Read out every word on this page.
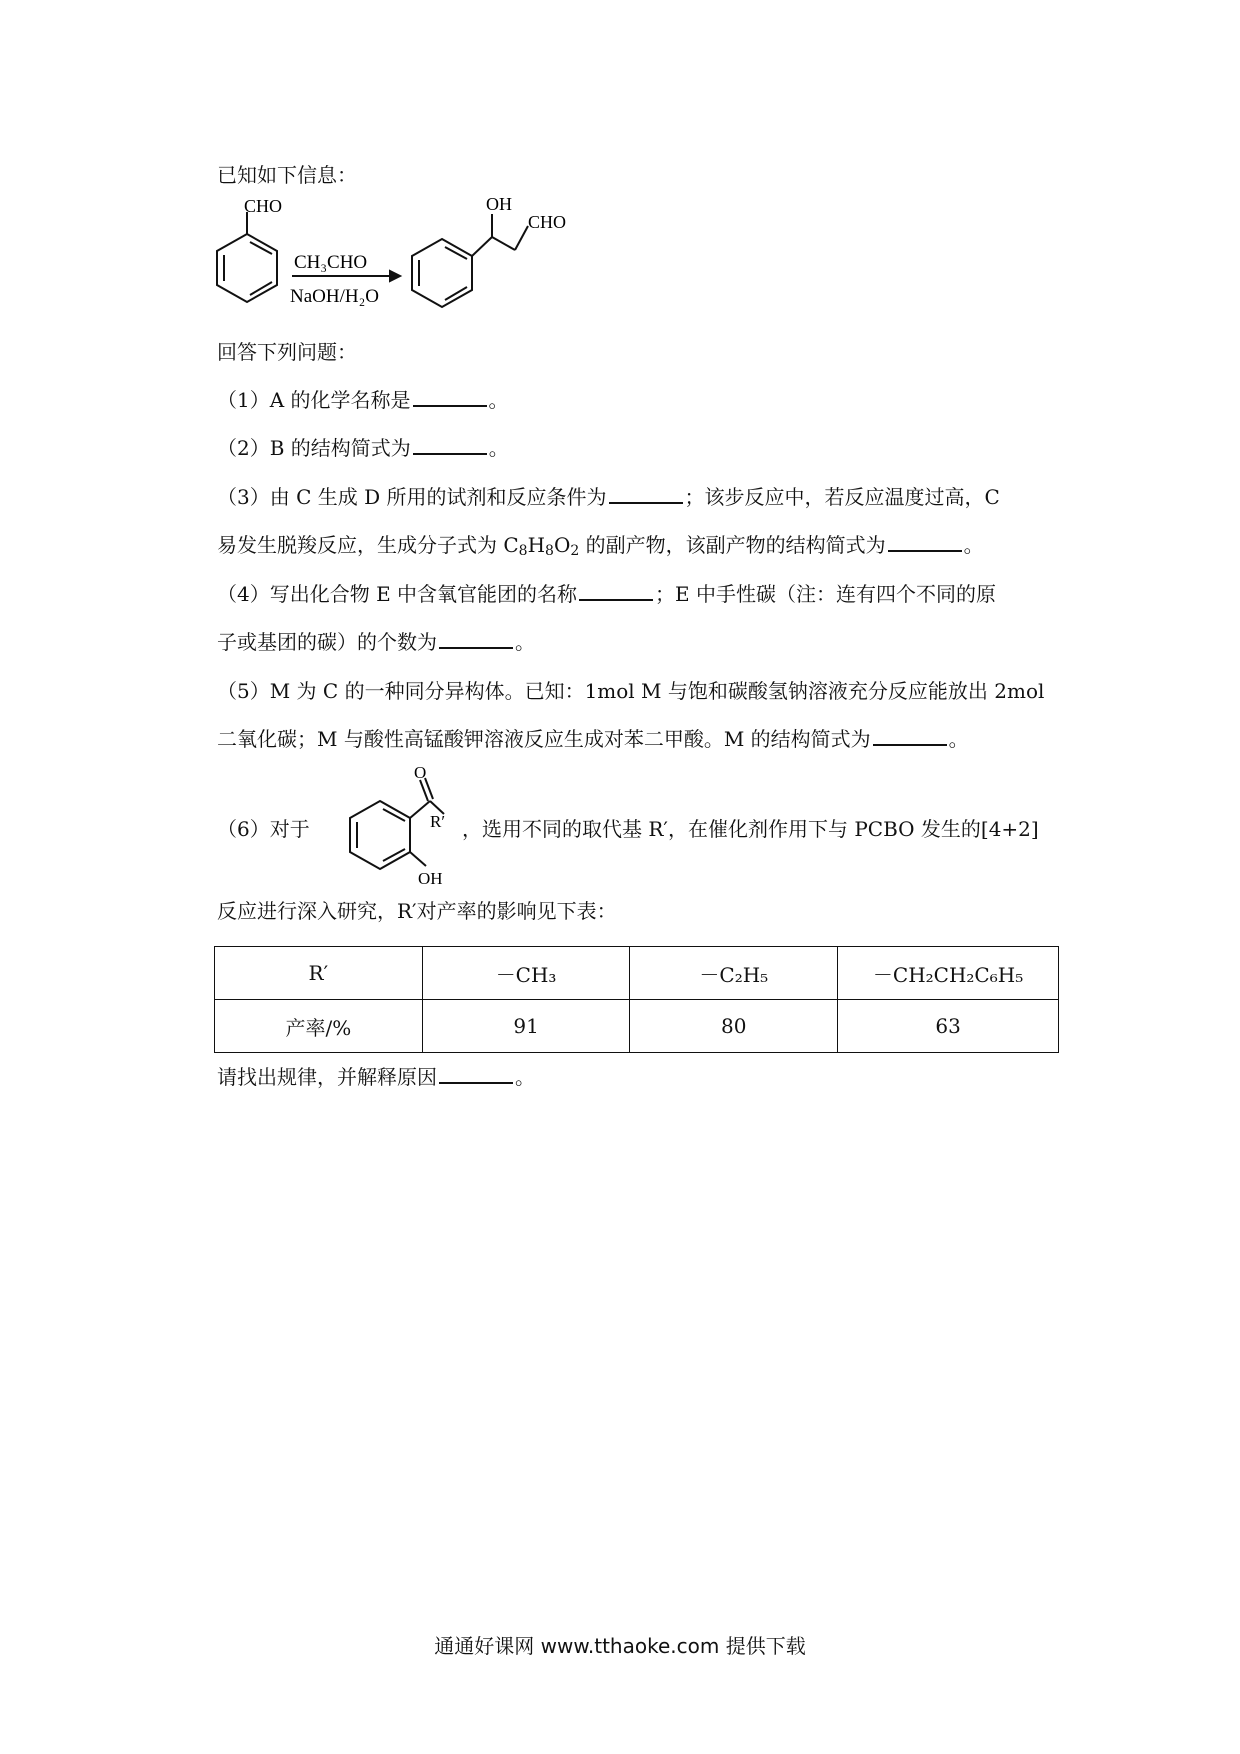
已知如下信息：
CHO
CH₃CHO
NaOH/H₂O
OH
CHO
回答下列问题：
（1）A 的化学名称是	。
（2）B 的结构简式为	。
（3）由 C 生成 D 所用的试剂和反应条件为	；该步反应中，若反应温度过高，C
易发生脱羧反应，生成分子式为 $C_8H_8O_2$ 的副产物，该副产物的结构简式为	。
（4）写出化合物 E 中含氧官能团的名称	；E 中手性碳（注：连有四个不同的原
子或基团的碳）的个数为	。
（5）M 为 C 的一种同分异构体。已知：1mol M 与饱和碳酸氢钠溶液充分反应能放出 2mol
二氧化碳；M 与酸性高锰酸钾溶液反应生成对苯二甲酸。M 的结构简式为	。
（6）对于
O
R′
OH
，选用不同的取代基 R′，在催化剂作用下与 PCBO 发生的[4+2]
反应进行深入研究，R′对产率的影响见下表：
R′	－CH₃	－C₂H₅	－CH₂CH₂C₆H₅
产率/%	91	80	63
请找出规律，并解释原因	。
通通好课网 www.tthaoke.com 提供下载
